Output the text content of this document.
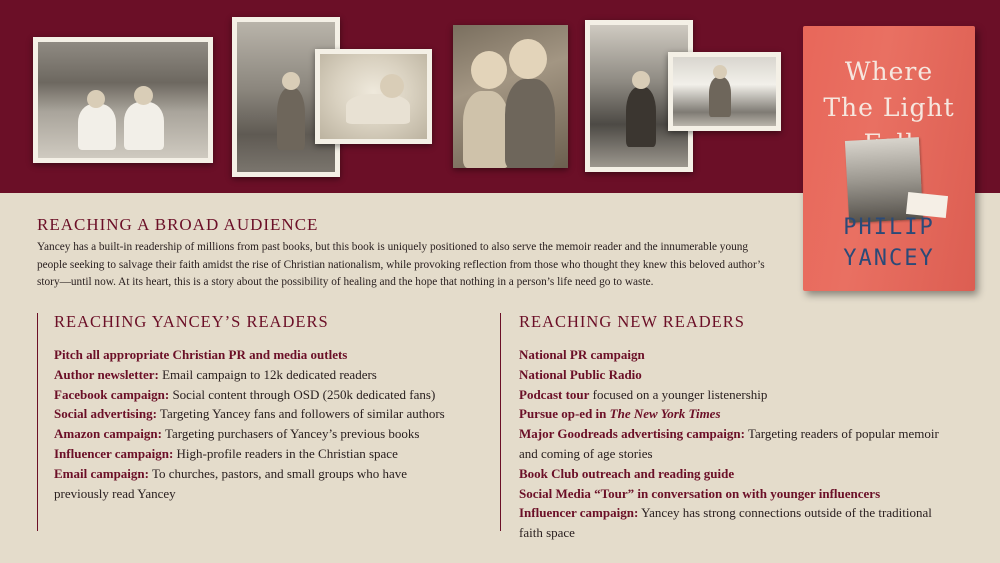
Where The Light
PHILIP
YANCEY
REACHING A BROAD AUDIENCE

Yancey has a built-in readership of millions from past books, but this book is uniquely positioned to also serve the memoir reader and the innumerable young people seeking to salvage their faith amidst the rise of Christian nationalism, while provoking reflection from those who thought they knew this beloved author’s story—until now. At its heart, this is a story about the possibility of healing and the hope that nothing in a person’s life need go to waste.

REACHING YANCEY’S READERS
Pitch all appropriate Christian PR and media outlets
Author newsletter: Email campaign to 12k dedicated readers
Facebook campaign: Social content through OSD (250k dedicated fans)
Social advertising: Targeting Yancey fans and followers of similar authors
Amazon campaign: Targeting purchasers of Yancey’s previous books
Influencer campaign: High-profile readers in the Christian space
Email campaign: To churches, pastors, and small groups who have previously read Yancey
REACHING NEW READERS
National PR campaign
National Public Radio
Podcast tour focused on a younger listenership
Pursue op-ed in The New York Times
Major Goodreads advertising campaign: Targeting readers of popular memoir and coming of age stories
Book Club outreach and reading guide
Social Media “Tour” in conversation on with younger influencers
Influencer campaign: Yancey has strong connections outside of the traditional faith space
